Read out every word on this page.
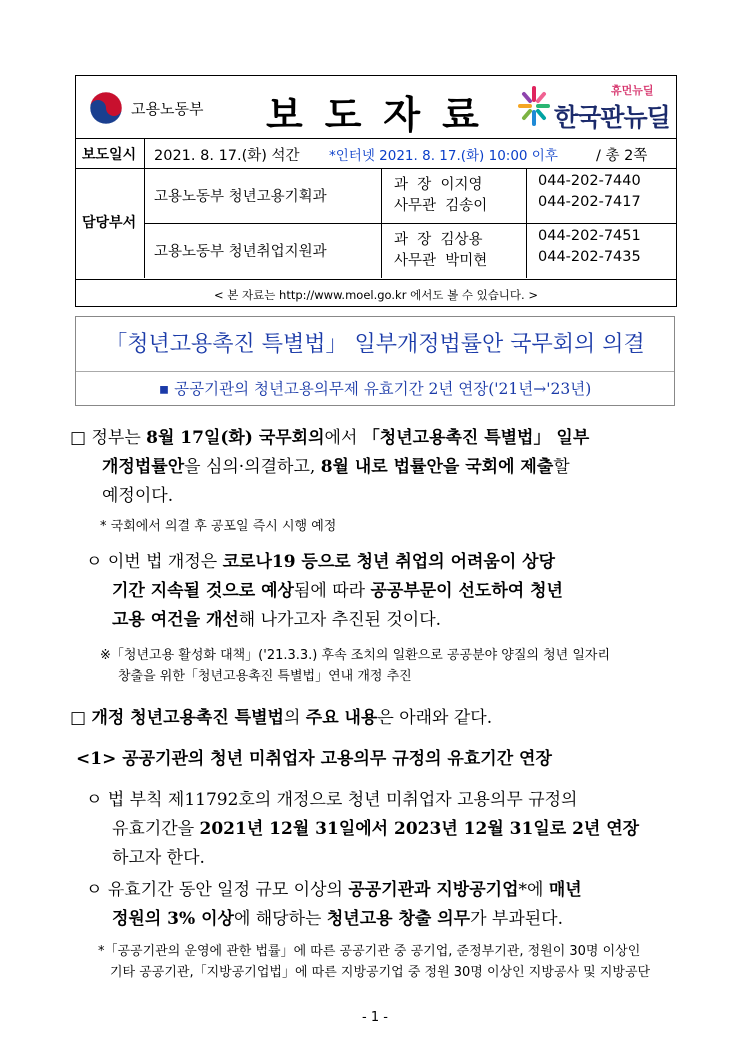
고용노동부 보도자료
휴먼뉴딜
한국판뉴딜
보도일시 2021. 8. 17.(화) 석간 *인터넷 2021. 8. 17.(화) 10:00 이후	/ 총 2쪽
담당부서
고용노동부 청년고용기획과
과  장  이지영
사무관  김송이
044-202-7440
044-202-7417
고용노동부 청년취업지원과
과  장  김상용
사무관  박미현
044-202-7451
044-202-7435
< 본 자료는 http://www.moel.go.kr 에서도 볼 수 있습니다. >
「청년고용촉진 특별법」 일부개정법률안 국무회의 의결
▪ 공공기관의 청년고용의무제 유효기간 2년 연장('21년→'23년)
□ 정부는 8월 17일(화) 국무회의에서 「청년고용촉진 특별법」 일부
개정법률안을 심의·의결하고, 8월 내로 법률안을 국회에 제출할
예정이다.
* 국회에서 의결 후 공포일 즉시 시행 예정
ㅇ 이번 법 개정은 코로나19 등으로 청년 취업의 어려움이 상당
기간 지속될 것으로 예상됨에 따라 공공부문이 선도하여 청년
고용 여건을 개선해 나가고자 추진된 것이다.
※「청년고용 활성화 대책」('21.3.3.) 후속 조치의 일환으로 공공분야 양질의 청년 일자리
창출을 위한「청년고용촉진 특별법」연내 개정 추진
□ 개정 청년고용촉진 특별법의 주요 내용은 아래와 같다.
<1> 공공기관의 청년 미취업자 고용의무 규정의 유효기간 연장
ㅇ 법 부칙 제11792호의 개정으로 청년 미취업자 고용의무 규정의
유효기간을 2021년 12월 31일에서 2023년 12월 31일로 2년 연장
하고자 한다.
ㅇ 유효기간 동안 일정 규모 이상의 공공기관과 지방공기업*에 매년
정원의 3% 이상에 해당하는 청년고용 창출 의무가 부과된다.
*「공공기관의 운영에 관한 법률」에 따른 공공기관 중 공기업, 준정부기관, 정원이 30명 이상인
기타 공공기관,「지방공기업법」에 따른 지방공기업 중 정원 30명 이상인 지방공사 및 지방공단
- 1 -
